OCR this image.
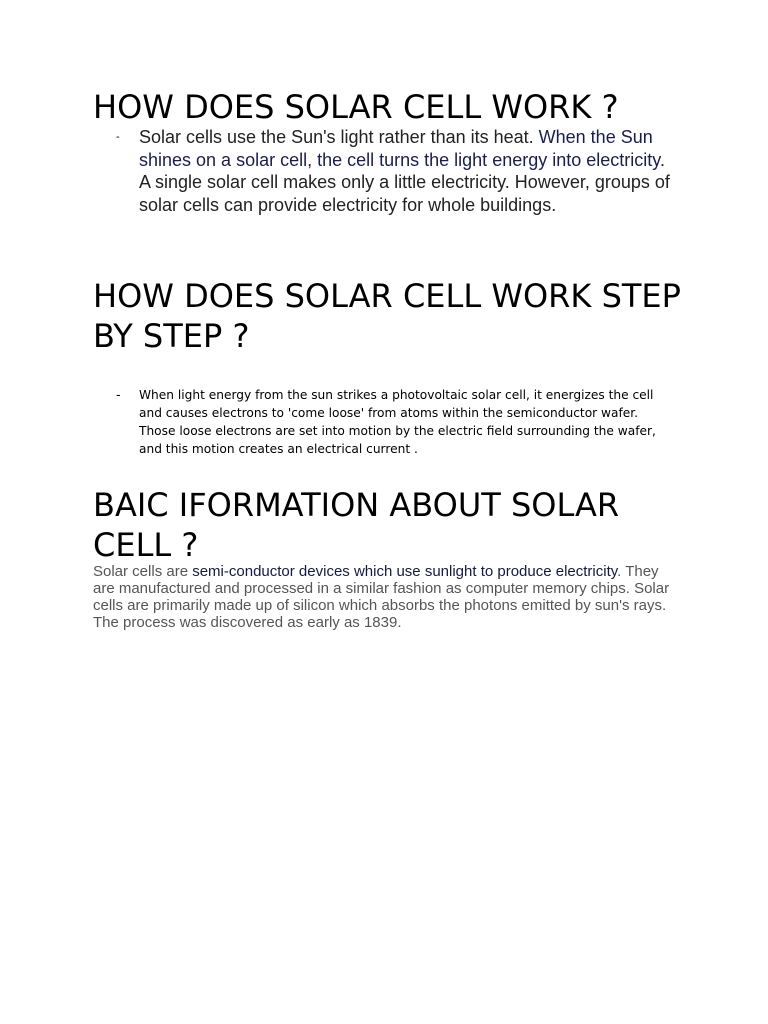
HOW DOES SOLAR CELL WORK ?
- Solar cells use the Sun's light rather than its heat. When the Sun shines on a solar cell, the cell turns the light energy into electricity. A single solar cell makes only a little electricity. However, groups of solar cells can provide electricity for whole buildings.
HOW DOES SOLAR CELL WORK STEP BY STEP ?
- When light energy from the sun strikes a photovoltaic solar cell, it energizes the cell and causes electrons to 'come loose' from atoms within the semiconductor wafer. Those loose electrons are set into motion by the electric field surrounding the wafer, and this motion creates an electrical current .
BAIC IFORMATION ABOUT SOLAR CELL ?
Solar cells are semi-conductor devices which use sunlight to produce electricity. They are manufactured and processed in a similar fashion as computer memory chips. Solar cells are primarily made up of silicon which absorbs the photons emitted by sun's rays. The process was discovered as early as 1839.
